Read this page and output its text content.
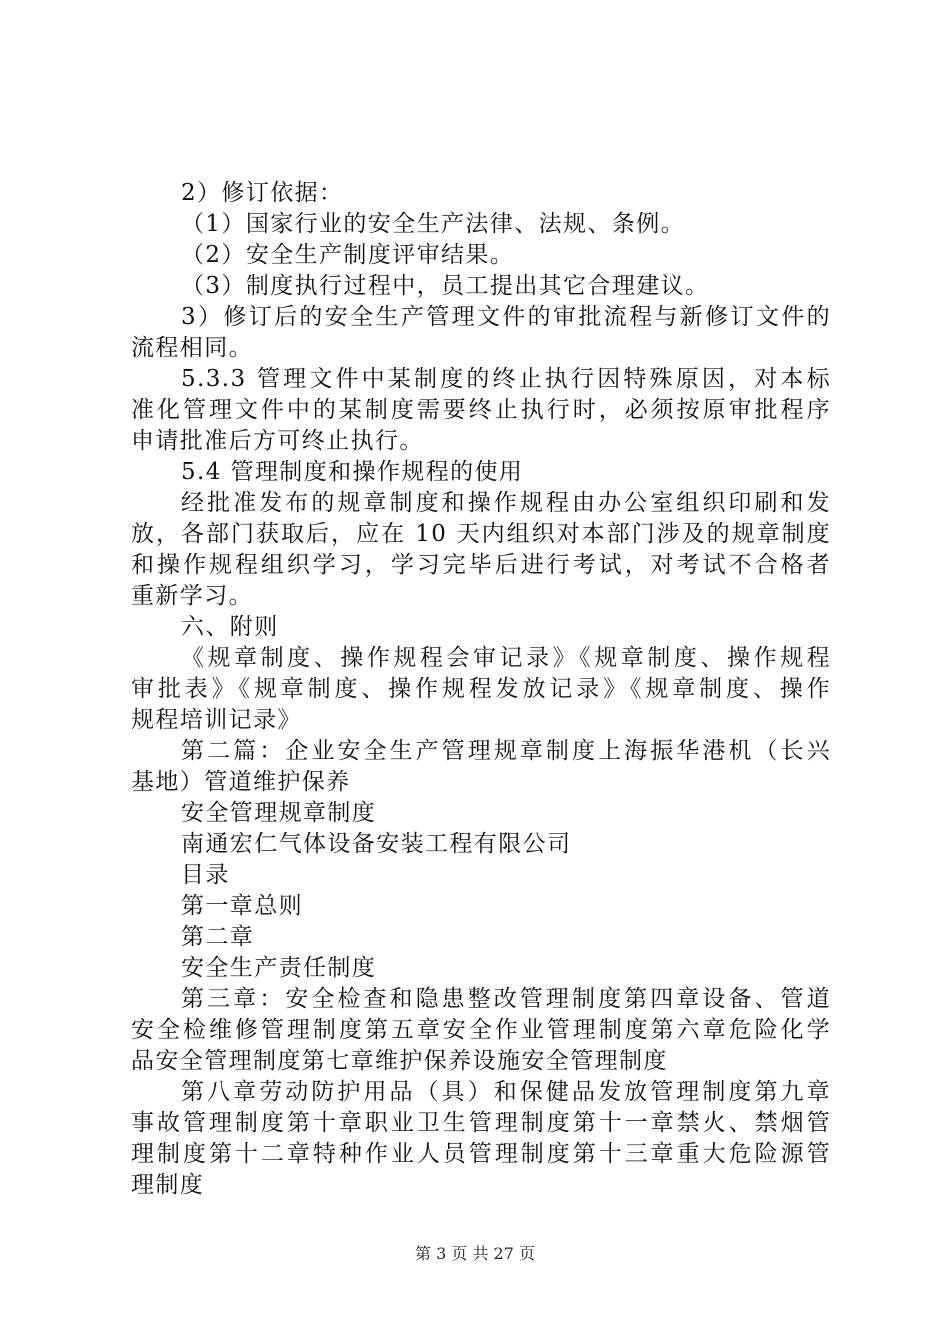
2）修订依据：
（1）国家行业的安全生产法律、法规、条例。
（2）安全生产制度评审结果。
（3）制度执行过程中，员工提出其它合理建议。
3）修订后的安全生产管理文件的审批流程与新修订文件的
流程相同。
5.3.3 管理文件中某制度的终止执行因特殊原因，对本标
准化管理文件中的某制度需要终止执行时，必须按原审批程序
申请批准后方可终止执行。
5.4 管理制度和操作规程的使用
经批准发布的规章制度和操作规程由办公室组织印刷和发
放，各部门获取后，应在 10 天内组织对本部门涉及的规章制度
和操作规程组织学习，学习完毕后进行考试，对考试不合格者
重新学习。
六、附则
《规章制度、操作规程会审记录》《规章制度、操作规程
审批表》《规章制度、操作规程发放记录》《规章制度、操作
规程培训记录》
第二篇：企业安全生产管理规章制度上海振华港机（长兴
基地）管道维护保养
安全管理规章制度
南通宏仁气体设备安装工程有限公司
目录
第一章总则
第二章
安全生产责任制度
第三章：安全检查和隐患整改管理制度第四章设备、管道
安全检维修管理制度第五章安全作业管理制度第六章危险化学
品安全管理制度第七章维护保养设施安全管理制度
第八章劳动防护用品（具）和保健品发放管理制度第九章
事故管理制度第十章职业卫生管理制度第十一章禁火、禁烟管
理制度第十二章特种作业人员管理制度第十三章重大危险源管
理制度
第 3 页 共 27 页
